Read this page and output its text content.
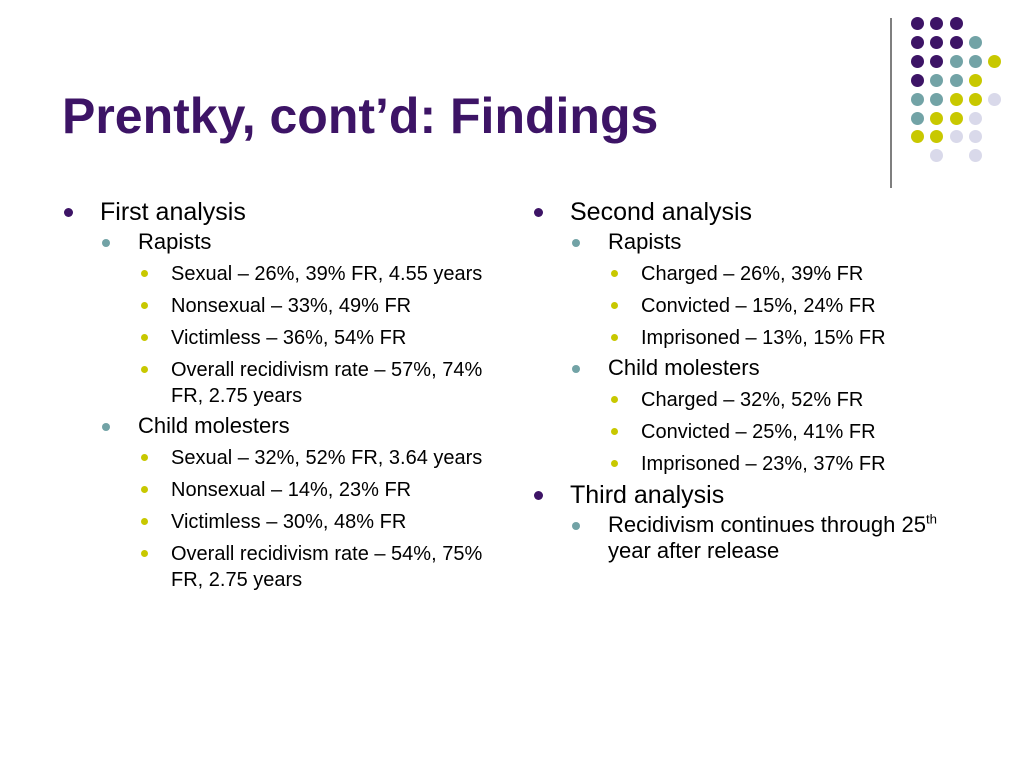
Prentky, cont’d: Findings
First analysis
Rapists
Sexual – 26%, 39% FR, 4.55 years
Nonsexual – 33%, 49% FR
Victimless – 36%, 54% FR
Overall recidivism rate – 57%, 74% FR, 2.75 years
Child molesters
Sexual – 32%, 52% FR, 3.64 years
Nonsexual – 14%, 23% FR
Victimless – 30%, 48% FR
Overall recidivism rate – 54%, 75% FR, 2.75 years
Second analysis
Rapists
Charged – 26%, 39% FR
Convicted – 15%, 24% FR
Imprisoned – 13%, 15% FR
Child molesters
Charged – 32%, 52% FR
Convicted – 25%, 41% FR
Imprisoned – 23%, 37% FR
Third analysis
Recidivism continues through 25th year after release
